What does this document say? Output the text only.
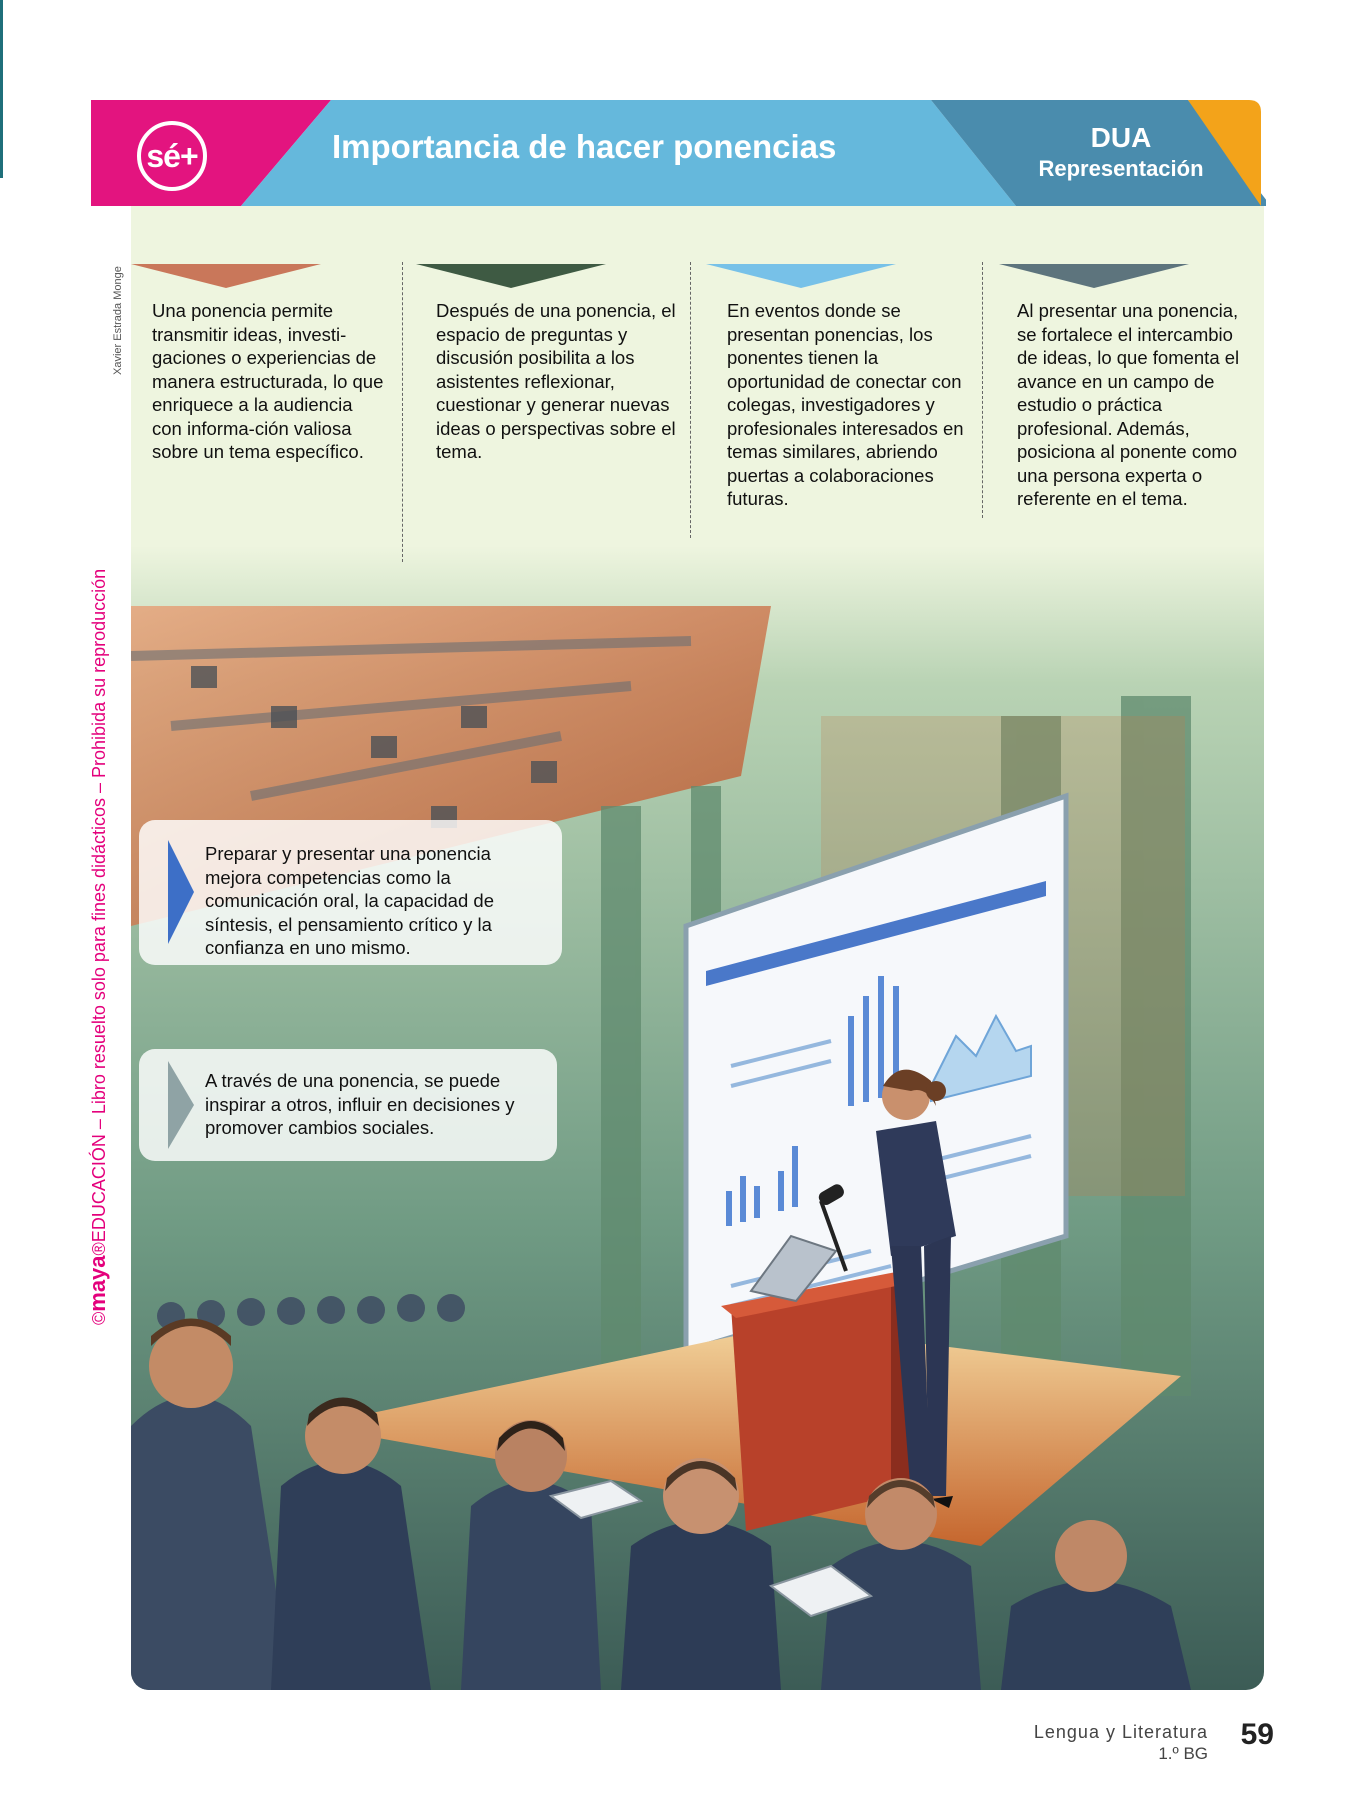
sé+	Importancia de hacer ponencias	DUA
Representación
Xavier Estrada Monge
©maya®EDUCACIÓN – Libro resuelto solo para fines didácticos – Prohibida su reproducción
Una ponencia permite transmitir ideas, investi-gaciones o experiencias de manera estructurada, lo que enriquece a la audiencia con informa-ción valiosa sobre un tema específico.
Después de una ponencia, el espacio de preguntas y discusión posibilita a los asistentes reflexionar, cuestionar y generar nuevas ideas o perspectivas sobre el tema.
En eventos donde se presentan ponencias, los ponentes tienen la oportunidad de conectar con colegas, investigadores y profesionales interesados en temas similares, abriendo puertas a colaboraciones futuras.
Al presentar una ponencia, se fortalece el intercambio de ideas, lo que fomenta el avance en un campo de estudio o práctica profesional. Además, posiciona al ponente como una persona experta o referente en el tema.
Preparar y presentar una ponencia mejora competencias como la comunicación oral, la capacidad de síntesis, el pensamiento crítico y la confianza en uno mismo.
A través de una ponencia, se puede inspirar a otros, influir en decisiones y promover cambios sociales.
Lengua y Literatura
1.º BG
59
